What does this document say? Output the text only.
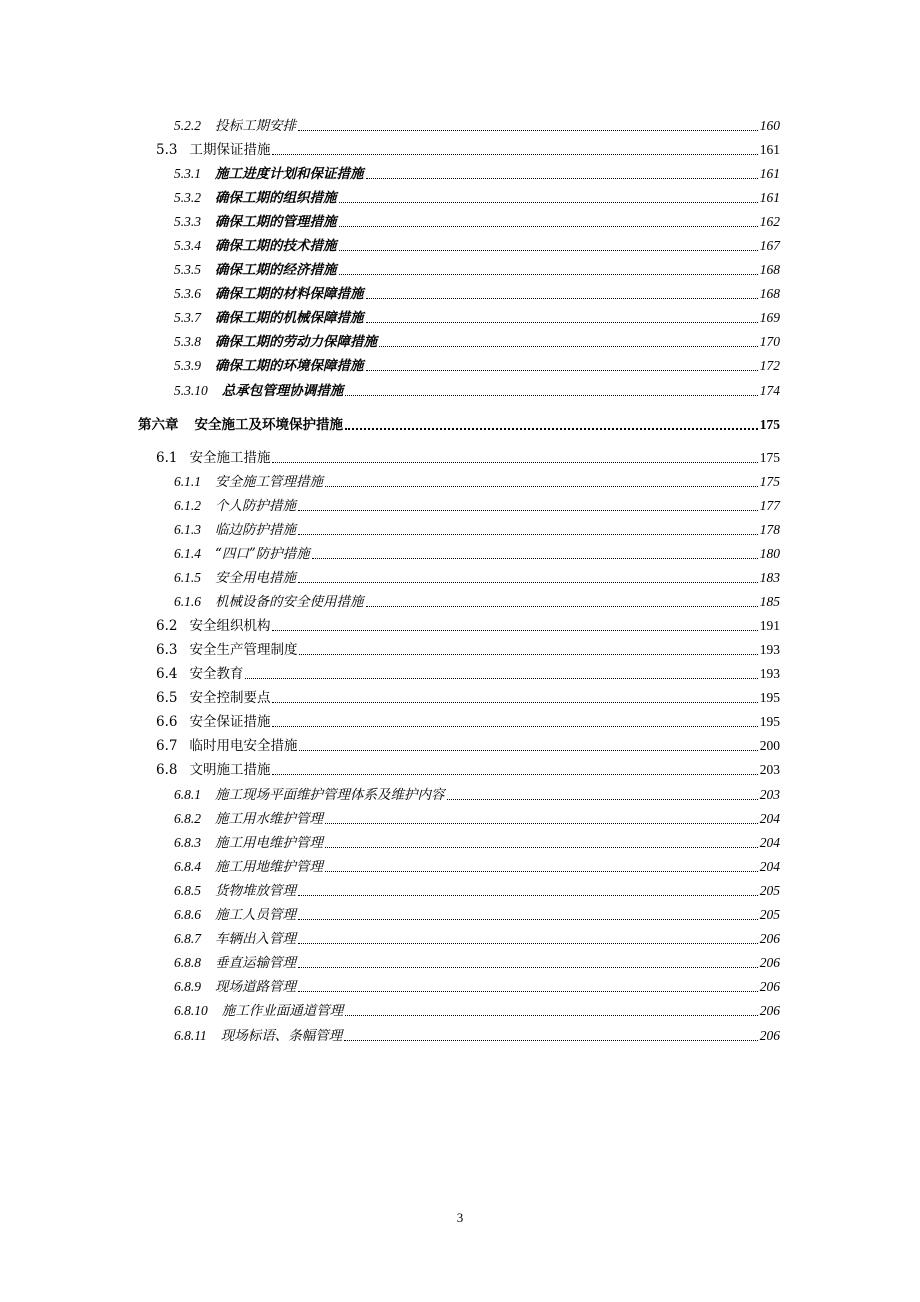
5.2.2 投标工期安排	160
5.3 工期保证措施	161
5.3.1 施工进度计划和保证措施	161
5.3.2 确保工期的组织措施	161
5.3.3 确保工期的管理措施	162
5.3.4 确保工期的技术措施	167
5.3.5 确保工期的经济措施	168
5.3.6 确保工期的材料保障措施	168
5.3.7 确保工期的机械保障措施	169
5.3.8 确保工期的劳动力保障措施	170
5.3.9 确保工期的环境保障措施	172
5.3.10 总承包管理协调措施	174
第六章 安全施工及环境保护措施	175
6.1 安全施工措施	175
6.1.1 安全施工管理措施	175
6.1.2 个人防护措施	177
6.1.3 临边防护措施	178
6.1.4 “四口”防护措施	180
6.1.5 安全用电措施	183
6.1.6 机械设备的安全使用措施	185
6.2 安全组织机构	191
6.3 安全生产管理制度	193
6.4 安全教育	193
6.5 安全控制要点	195
6.6 安全保证措施	195
6.7 临时用电安全措施	200
6.8 文明施工措施	203
6.8.1 施工现场平面维护管理体系及维护内容	203
6.8.2 施工用水维护管理	204
6.8.3 施工用电维护管理	204
6.8.4 施工用地维护管理	204
6.8.5 货物堆放管理	205
6.8.6 施工人员管理	205
6.8.7 车辆出入管理	206
6.8.8 垂直运输管理	206
6.8.9 现场道路管理	206
6.8.10 施工作业面通道管理	206
6.8.11 现场标语、条幅管理	206
3
